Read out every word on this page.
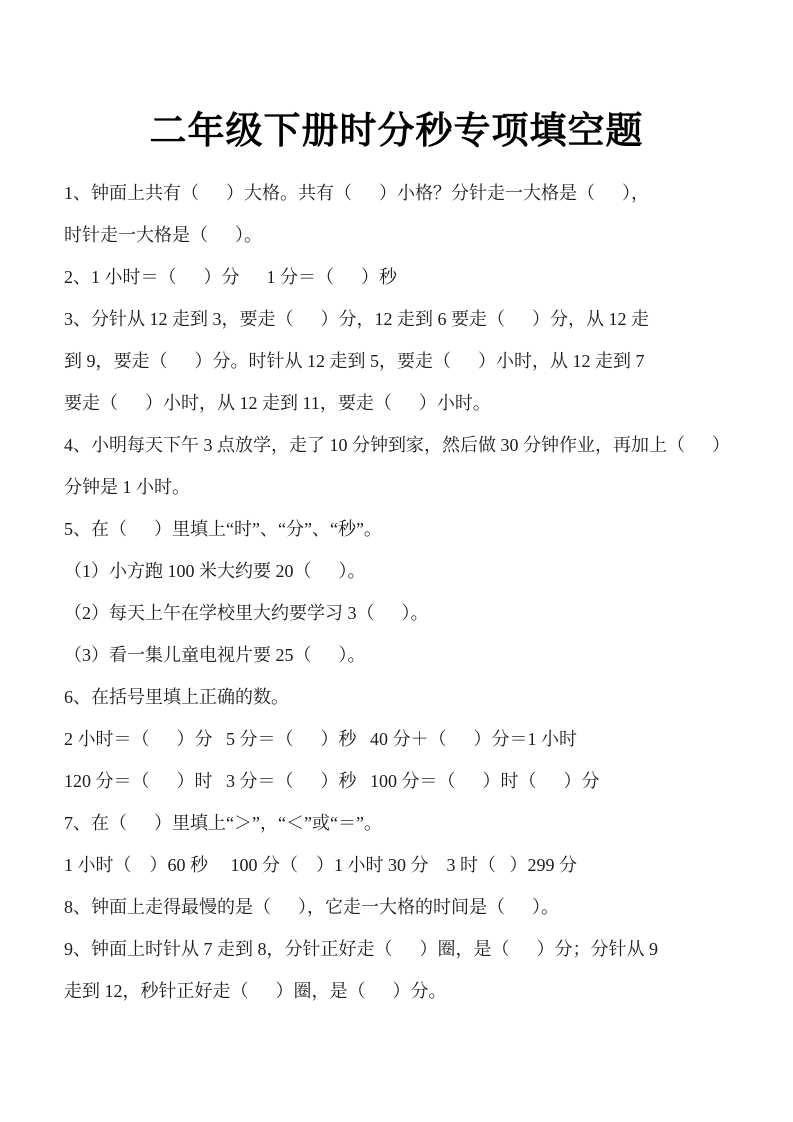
二年级下册时分秒专项填空题
1、钟面上共有（      ）大格。共有（      ）小格？分针走一大格是（      ），
时针走一大格是（      ）。
2、1 小时＝（      ）分      1 分＝（      ）秒
3、分针从 12 走到 3，要走（      ）分，12 走到 6 要走（      ）分，从 12 走
到 9，要走（      ）分。时针从 12 走到 5，要走（      ）小时，从 12 走到 7
要走（      ）小时，从 12 走到 11，要走（      ）小时。
4、小明每天下午 3 点放学，走了 10 分钟到家，然后做 30 分钟作业，再加上（      ）
分钟是 1 小时。
5、在（      ）里填上“时”、“分”、“秒”。
（1）小方跑 100 米大约要 20（      ）。
（2）每天上午在学校里大约要学习 3（      ）。
（3）看一集儿童电视片要 25（      ）。
6、在括号里填上正确的数。
2 小时＝（      ）分   5 分＝（      ）秒   40 分＋（      ）分＝1 小时
120 分＝（      ）时   3 分＝（      ）秒   100 分＝（      ）时（      ）分
7、在（      ）里填上“＞”，“＜”或“＝”。
1 小时（    ）60 秒     100 分（    ）1 小时 30 分    3 时（   ）299 分
8、钟面上走得最慢的是（      ），它走一大格的时间是（      ）。
9、钟面上时针从 7 走到 8，分针正好走（      ）圈，是（      ）分；分针从 9
走到 12，秒针正好走（      ）圈，是（      ）分。
